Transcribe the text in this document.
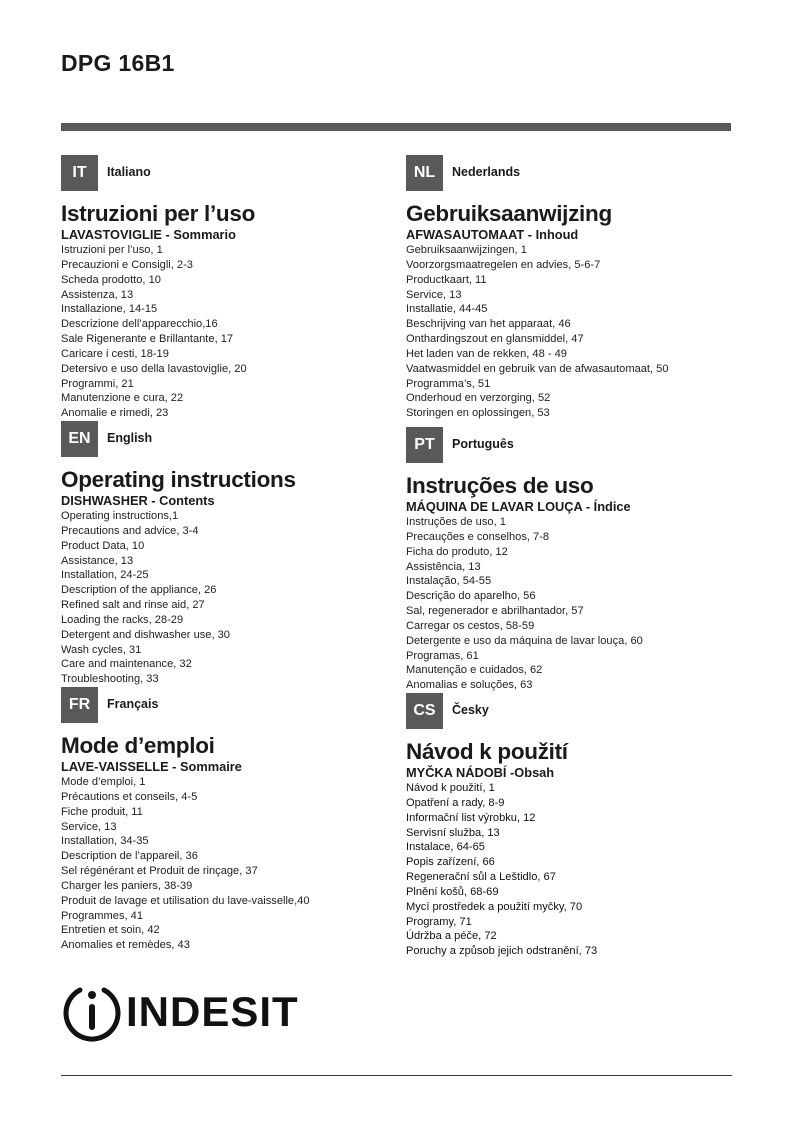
DPG 16B1
IT	Italiano
Istruzioni per l’uso
LAVASTOVIGLIE - Sommario
Istruzioni per l’uso, 1
Precauzioni e Consigli, 2-3
Scheda prodotto, 10
Assistenza, 13
Installazione, 14-15
Descrizione dell’apparecchio,16
Sale Rigenerante e Brillantante, 17
Caricare i cesti, 18-19
Detersivo e uso della lavastoviglie, 20
Programmi, 21
Manutenzione e cura, 22
Anomalie e rimedi, 23
EN	English
Operating instructions
DISHWASHER - Contents
Operating instructions,1
Precautions and advice, 3-4
Product Data, 10
Assistance, 13
Installation, 24-25
Description of the appliance, 26
Refined salt and rinse aid, 27
Loading the racks, 28-29
Detergent and dishwasher use, 30
Wash cycles, 31
Care and maintenance, 32
Troubleshooting, 33
FR	Français
Mode d’emploi
LAVE-VAISSELLE - Sommaire
Mode d’emploi, 1
Précautions et conseils, 4-5
Fiche produit, 11
Service, 13
Installation, 34-35
Description de l’appareil, 36
Sel régénérant et Produit de rinçage, 37
Charger les paniers, 38-39
Produit de lavage et utilisation du lave-vaisselle,40
Programmes, 41
Entretien et soin, 42
Anomalies et remèdes, 43
NL	Nederlands
Gebruiksaanwijzing
AFWASAUTOMAAT - Inhoud
Gebruiksaanwijzingen, 1
Voorzorgsmaatregelen en advies, 5-6-7
Productkaart, 11
Service, 13
Installatie, 44-45
Beschrijving van het apparaat, 46
Onthardingszout en glansmiddel, 47
Het laden van de rekken, 48 - 49
Vaatwasmiddel en gebruik van de afwasautomaat, 50
Programma’s, 51
Onderhoud en verzorging, 52
Storingen en oplossingen, 53
PT	Português
Instruções de uso
MÁQUINA DE LAVAR LOUÇA - Índice
Instruções de uso, 1
Precauções e conselhos, 7-8
Ficha do produto, 12
Assistência, 13
Instalação, 54-55
Descrição do aparelho, 56
Sal, regenerador e abrilhantador, 57
Carregar os cestos, 58-59
Detergente e uso da máquina de lavar louça, 60
Programas, 61
Manutenção e cuidados, 62
Anomalias e soluções, 63
CS	Česky
Návod k použití
MYČKA NÁDOBÍ -Obsah
Návod k použití, 1
Opatření a rady, 8-9
Informační list výrobku, 12
Servisní služba, 13
Instalace, 64-65
Popis zařízení, 66
Regenerační sůl a Leštidlo, 67
Plnění košů, 68-69
Mycí prostředek a použití myčky, 70
Programy, 71
Údržba a péče, 72
Poruchy a způsob jejich odstranění, 73
INDESIT
